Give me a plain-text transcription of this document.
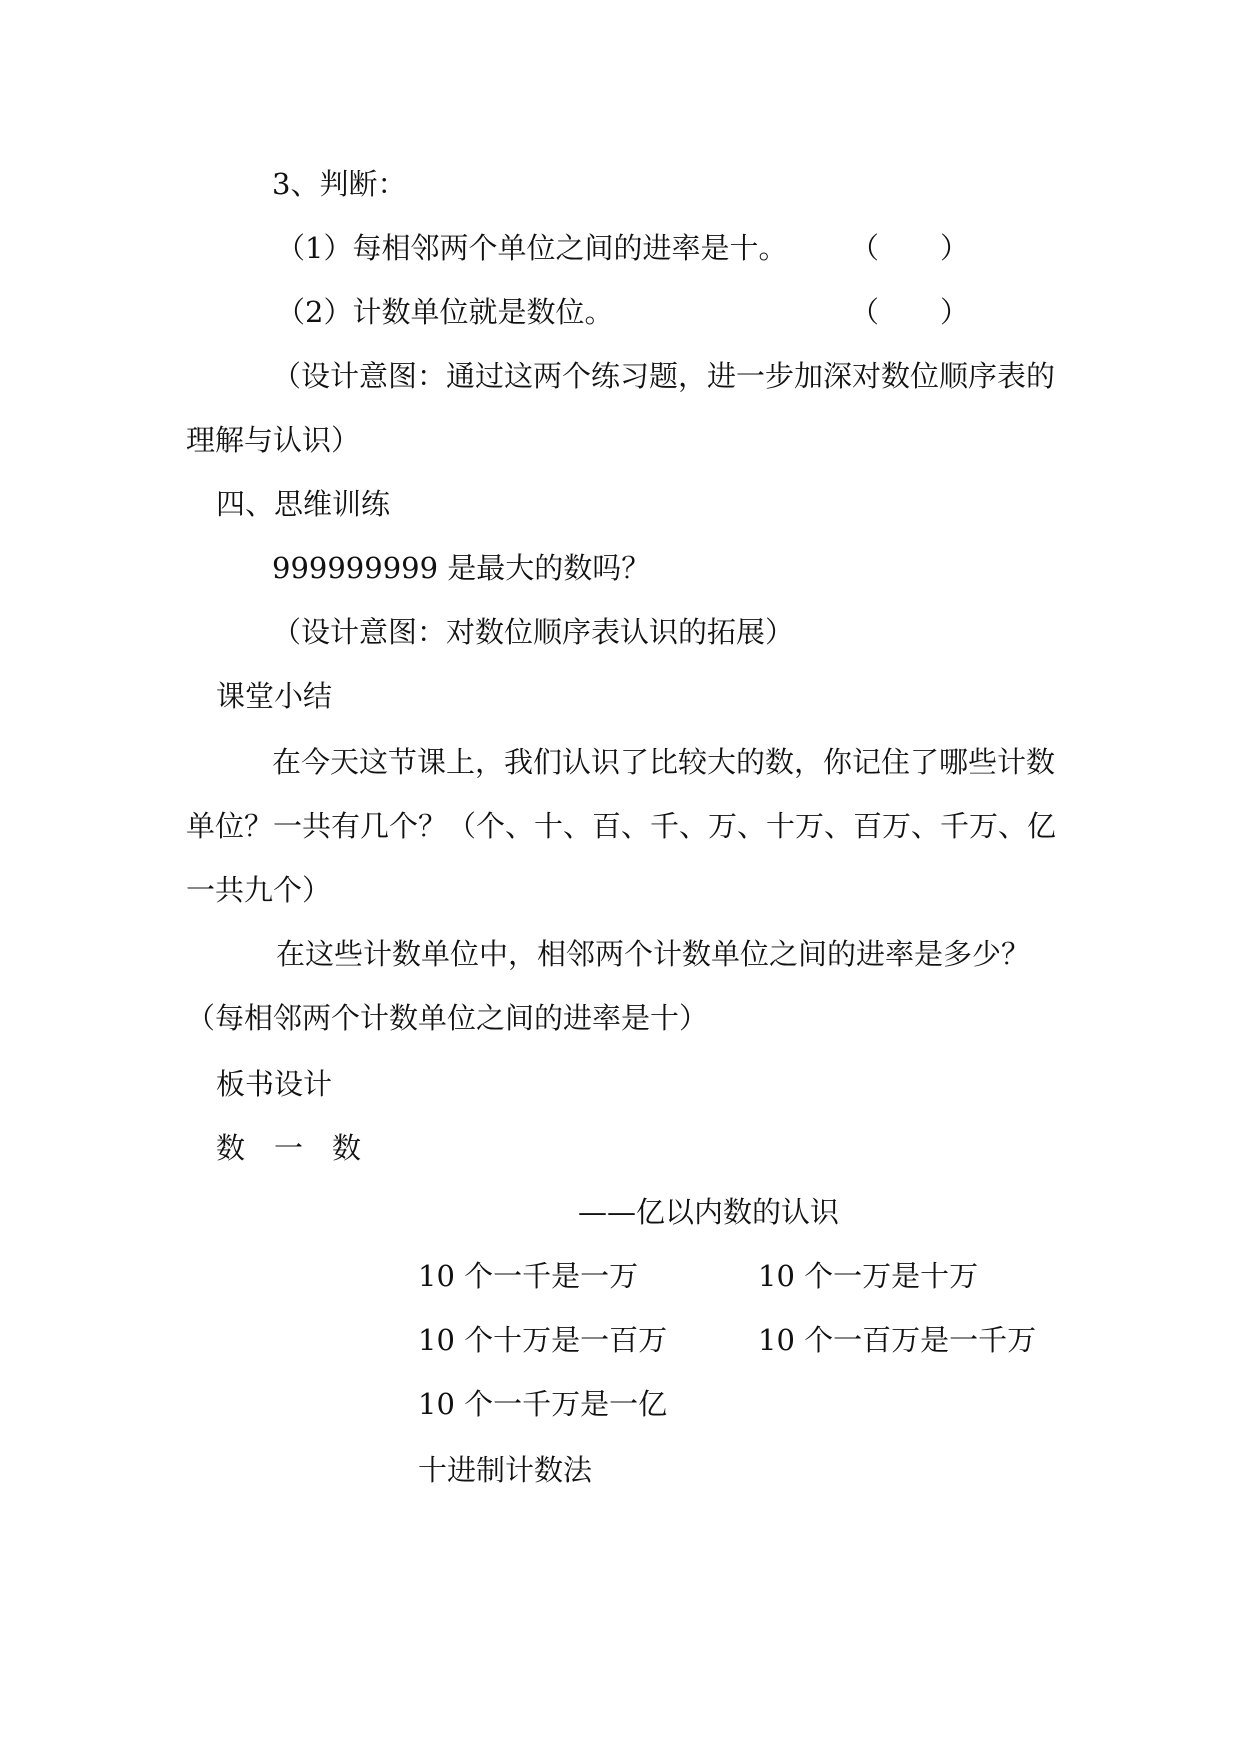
3、判断：
（1）每相邻两个单位之间的进率是十。 （ ）
（2）计数单位就是数位。	（ ）
（设计意图：通过这两个练习题，进一步加深对数位顺序表的
理解与认识）
四、思维训练
999999999 是最大的数吗？
（设计意图：对数位顺序表认识的拓展）
课堂小结
在今天这节课上，我们认识了比较大的数，你记住了哪些计数
单位？一共有几个？（个、十、百、千、万、十万、百万、千万、亿
一共九个）
在这些计数单位中，相邻两个计数单位之间的进率是多少？
（每相邻两个计数单位之间的进率是十）
板书设计
数　一　数
——亿以内数的认识
10 个一千是一万	10 个一万是十万
10 个十万是一百万	10 个一百万是一千万
10 个一千万是一亿
十进制计数法
